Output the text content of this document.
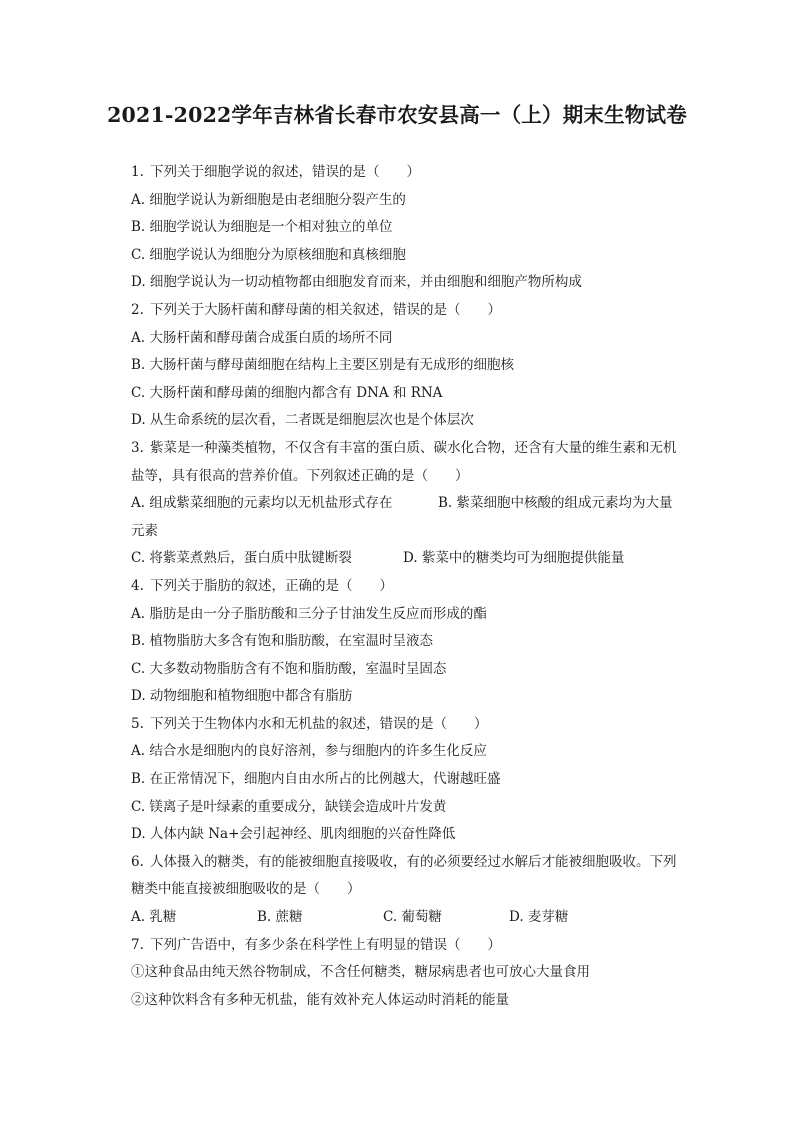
2021-2022学年吉林省长春市农安县高一（上）期末生物试卷
1. 下列关于细胞学说的叙述，错误的是（　　）
A. 细胞学说认为新细胞是由老细胞分裂产生的
B. 细胞学说认为细胞是一个相对独立的单位
C. 细胞学说认为细胞分为原核细胞和真核细胞
D. 细胞学说认为一切动植物都由细胞发育而来，并由细胞和细胞产物所构成
2. 下列关于大肠杆菌和酵母菌的相关叙述，错误的是（　　）
A. 大肠杆菌和酵母菌合成蛋白质的场所不同
B. 大肠杆菌与酵母菌细胞在结构上主要区别是有无成形的细胞核
C. 大肠杆菌和酵母菌的细胞内都含有 DNA 和 RNA
D. 从生命系统的层次看，二者既是细胞层次也是个体层次
3. 紫菜是一种藻类植物，不仅含有丰富的蛋白质、碳水化合物，还含有大量的维生素和无机
盐等，具有很高的营养价值。下列叙述正确的是（　　）
A. 组成紫菜细胞的元素均以无机盐形式存在	B. 紫菜细胞中核酸的组成元素均为大量
元素
C. 将紫菜煮熟后，蛋白质中肽键断裂	D. 紫菜中的糖类均可为细胞提供能量
4. 下列关于脂肪的叙述，正确的是（　　）
A. 脂肪是由一分子脂肪酸和三分子甘油发生反应而形成的酯
B. 植物脂肪大多含有饱和脂肪酸，在室温时呈液态
C. 大多数动物脂肪含有不饱和脂肪酸，室温时呈固态
D. 动物细胞和植物细胞中都含有脂肪
5. 下列关于生物体内水和无机盐的叙述，错误的是（　　）
A. 结合水是细胞内的良好溶剂，参与细胞内的许多生化反应
B. 在正常情况下，细胞内自由水所占的比例越大，代谢越旺盛
C. 镁离子是叶绿素的重要成分，缺镁会造成叶片发黄
D. 人体内缺 Na+会引起神经、肌肉细胞的兴奋性降低
6. 人体摄入的糖类，有的能被细胞直接吸收，有的必须要经过水解后才能被细胞吸收。下列
糖类中能直接被细胞吸收的是（　　）
A. 乳糖	B. 蔗糖	C. 葡萄糖	D. 麦芽糖
7. 下列广告语中，有多少条在科学性上有明显的错误（　　）
①这种食品由纯天然谷物制成，不含任何糖类，糖尿病患者也可放心大量食用
②这种饮料含有多种无机盐，能有效补充人体运动时消耗的能量
